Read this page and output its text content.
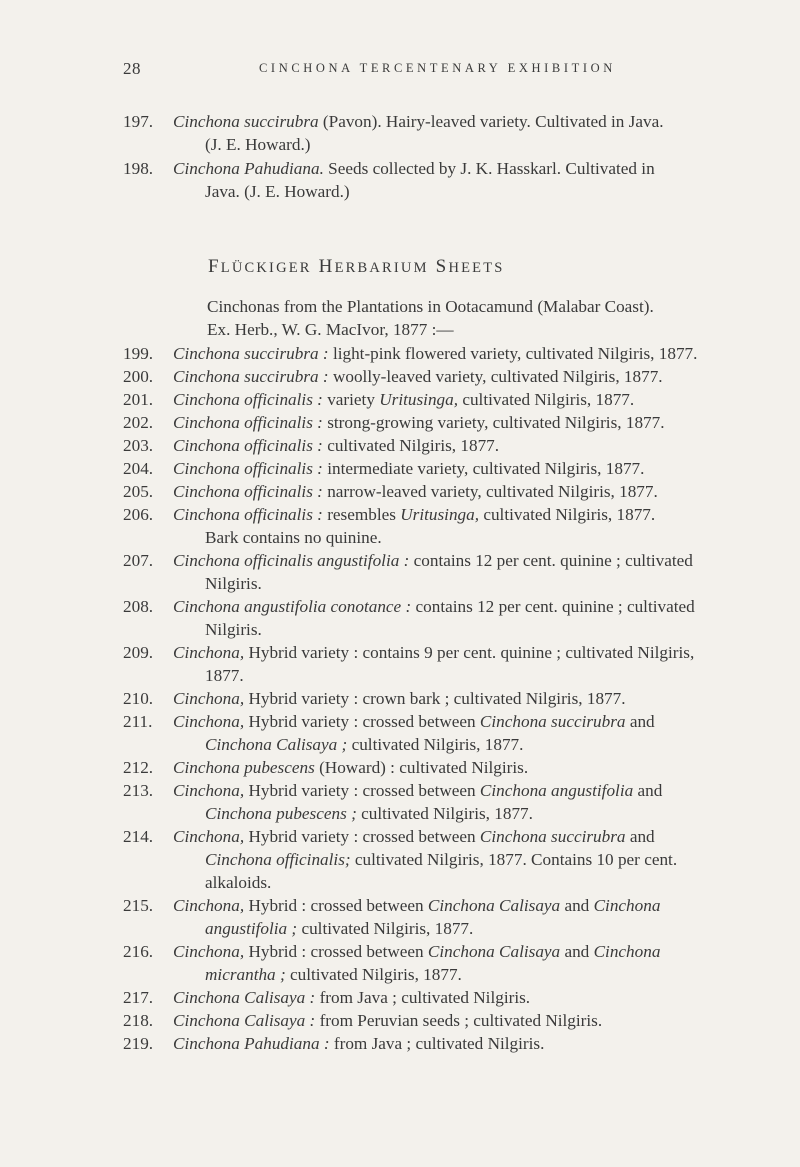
28	CINCHONA TERCENTENARY EXHIBITION
197. Cinchona succirubra (Pavon). Hairy-leaved variety. Cultivated in Java.
(J. E. Howard.)
198. Cinchona Pahudiana. Seeds collected by J. K. Hasskarl. Cultivated in
Java. (J. E. Howard.)
FLÜCKIGER HERBARIUM SHEETS
Cinchonas from the Plantations in Ootacamund (Malabar Coast).
Ex. Herb., W. G. MacIvor, 1877 :—
199. Cinchona succirubra : light-pink flowered variety, cultivated Nilgiris, 1877.
200. Cinchona succirubra : woolly-leaved variety, cultivated Nilgiris, 1877.
201. Cinchona officinalis : variety Uritusinga, cultivated Nilgiris, 1877.
202. Cinchona officinalis : strong-growing variety, cultivated Nilgiris, 1877.
203. Cinchona officinalis : cultivated Nilgiris, 1877.
204. Cinchona officinalis : intermediate variety, cultivated Nilgiris, 1877.
205. Cinchona officinalis : narrow-leaved variety, cultivated Nilgiris, 1877.
206. Cinchona officinalis : resembles Uritusinga, cultivated Nilgiris, 1877.
Bark contains no quinine.
207. Cinchona officinalis angustifolia : contains 12 per cent. quinine ; cultivated
Nilgiris.
208. Cinchona angustifolia conotance : contains 12 per cent. quinine ; cultivated
Nilgiris.
209. Cinchona, Hybrid variety : contains 9 per cent. quinine ; cultivated Nilgiris,
1877.
210. Cinchona, Hybrid variety : crown bark ; cultivated Nilgiris, 1877.
211. Cinchona, Hybrid variety : crossed between Cinchona succirubra and
Cinchona Calisaya ; cultivated Nilgiris, 1877.
212. Cinchona pubescens (Howard) : cultivated Nilgiris.
213. Cinchona, Hybrid variety : crossed between Cinchona angustifolia and
Cinchona pubescens ; cultivated Nilgiris, 1877.
214. Cinchona, Hybrid variety : crossed between Cinchona succirubra and
Cinchona officinalis; cultivated Nilgiris, 1877. Contains 10 per cent.
alkaloids.
215. Cinchona, Hybrid : crossed between Cinchona Calisaya and Cinchona
angustifolia ; cultivated Nilgiris, 1877.
216. Cinchona, Hybrid : crossed between Cinchona Calisaya and Cinchona
micrantha ; cultivated Nilgiris, 1877.
217. Cinchona Calisaya : from Java ; cultivated Nilgiris.
218. Cinchona Calisaya : from Peruvian seeds ; cultivated Nilgiris.
219. Cinchona Pahudiana : from Java ; cultivated Nilgiris.
